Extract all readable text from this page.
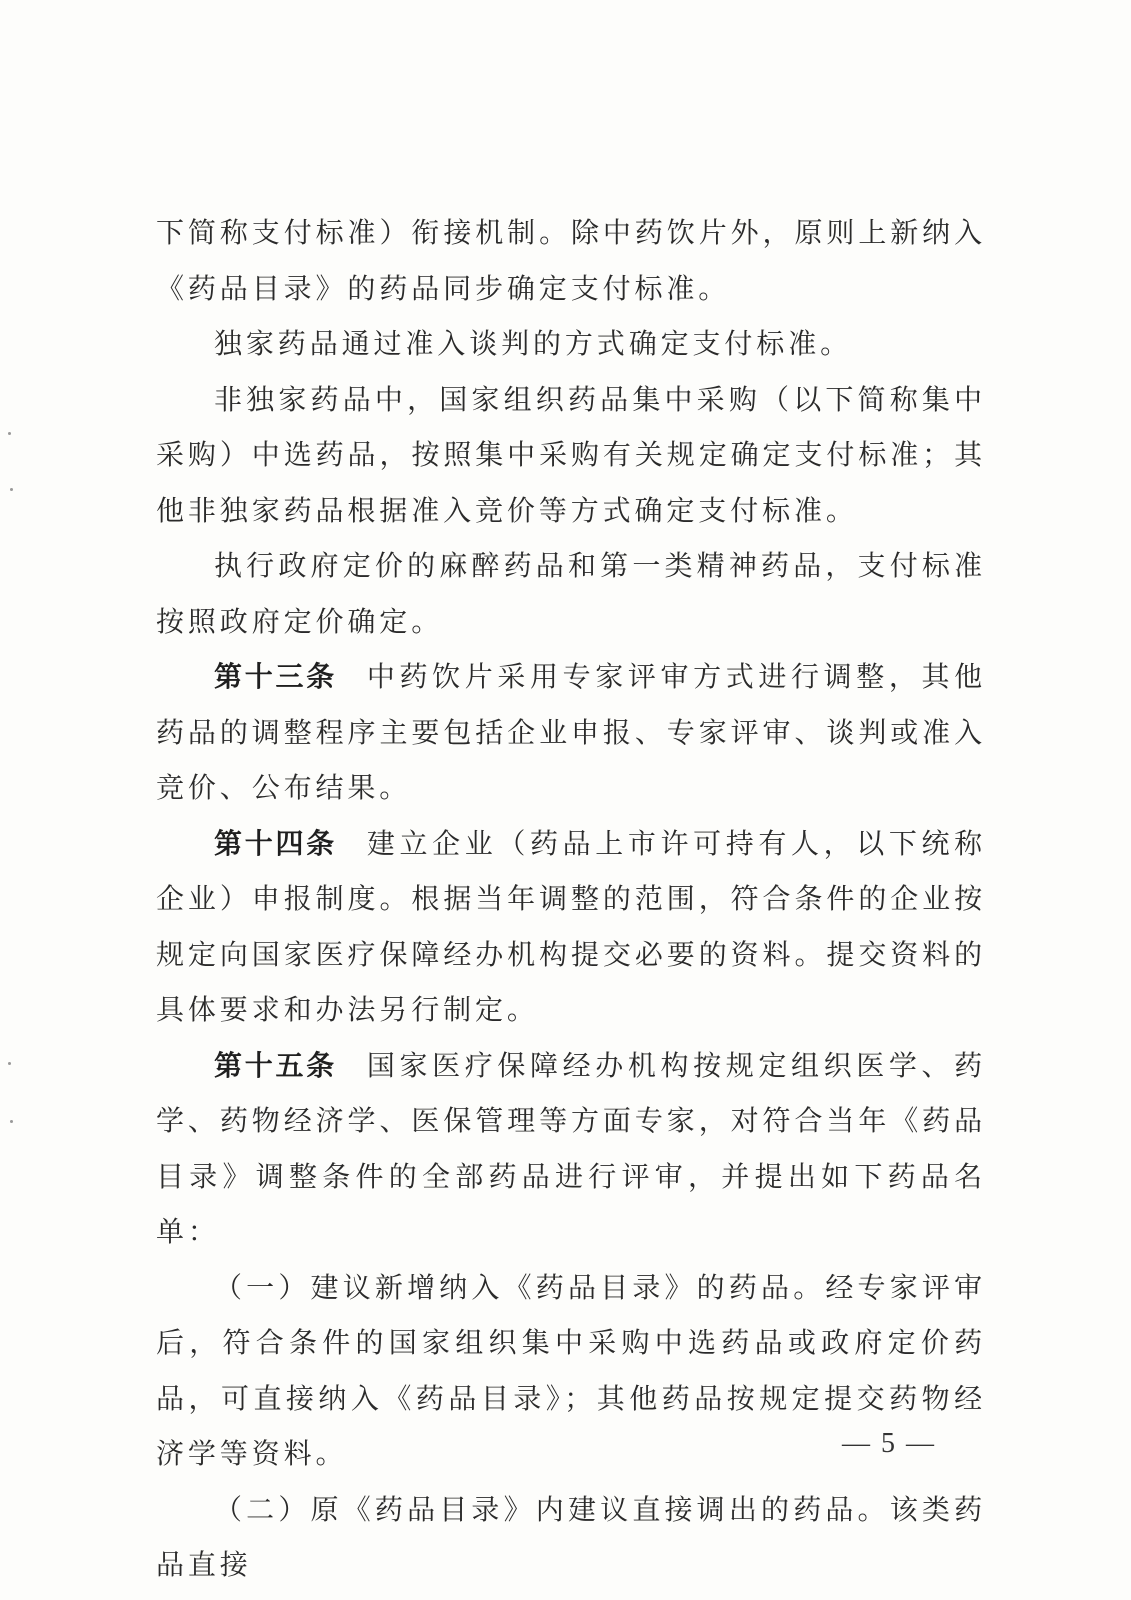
下简称支付标准）衔接机制。除中药饮片外，原则上新纳入《药品目录》的药品同步确定支付标准。

独家药品通过准入谈判的方式确定支付标准。

非独家药品中，国家组织药品集中采购（以下简称集中采购）中选药品，按照集中采购有关规定确定支付标准；其他非独家药品根据准入竞价等方式确定支付标准。

执行政府定价的麻醉药品和第一类精神药品，支付标准按照政府定价确定。

第十三条 中药饮片采用专家评审方式进行调整，其他药品的调整程序主要包括企业申报、专家评审、谈判或准入竞价、公布结果。

第十四条 建立企业（药品上市许可持有人，以下统称企业）申报制度。根据当年调整的范围，符合条件的企业按规定向国家医疗保障经办机构提交必要的资料。提交资料的具体要求和办法另行制定。

第十五条 国家医疗保障经办机构按规定组织医学、药学、药物经济学、医保管理等方面专家，对符合当年《药品目录》调整条件的全部药品进行评审，并提出如下药品名单：

（一）建议新增纳入《药品目录》的药品。经专家评审后，符合条件的国家组织集中采购中选药品或政府定价药品，可直接纳入《药品目录》；其他药品按规定提交药物经济学等资料。

（二）原《药品目录》内建议直接调出的药品。该类药品直接

— 5 —
